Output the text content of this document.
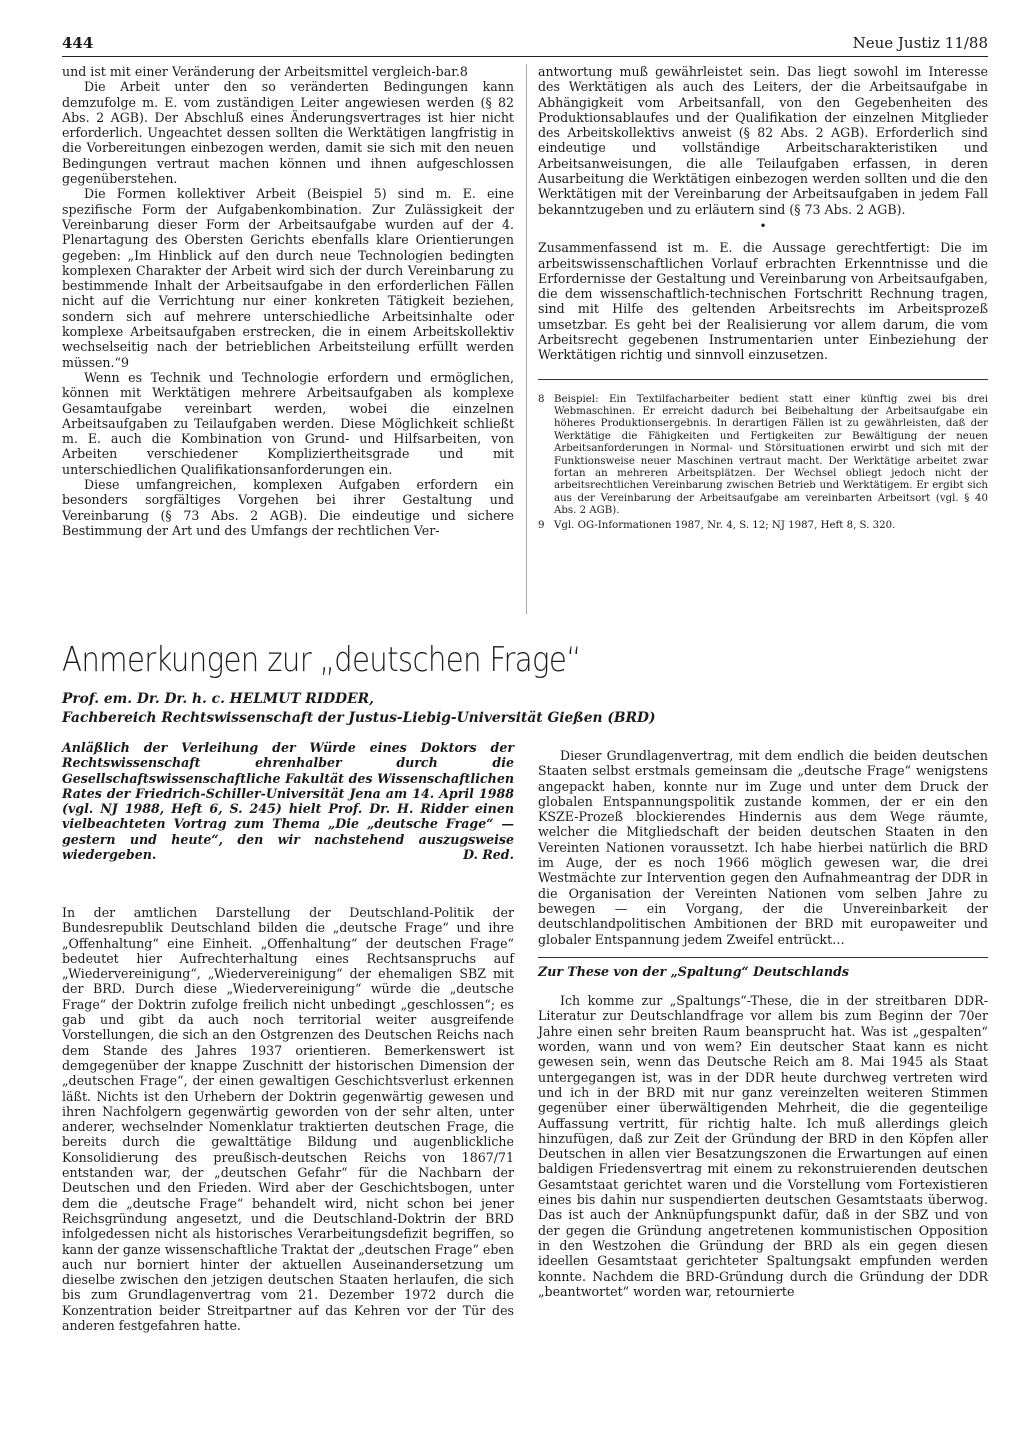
444	Neue Justiz 11/88

und ist mit einer Veränderung der Arbeitsmittel vergleich-bar.8

Die Arbeit unter den so veränderten Bedingungen kann demzufolge m. E. vom zuständigen Leiter angewiesen werden (§ 82 Abs. 2 AGB). Der Abschluß eines Änderungsvertrages ist hier nicht erforderlich. Ungeachtet dessen sollten die Werktätigen langfristig in die Vorbereitungen einbezogen werden, damit sie sich mit den neuen Bedingungen vertraut machen können und ihnen aufgeschlossen gegenüberstehen.

Die Formen kollektiver Arbeit (Beispiel 5) sind m. E. eine spezifische Form der Aufgabenkombination. Zur Zulässigkeit der Vereinbarung dieser Form der Arbeitsaufgabe wurden auf der 4. Plenartagung des Obersten Gerichts ebenfalls klare Orientierungen gegeben: „Im Hinblick auf den durch neue Technologien bedingten komplexen Charakter der Arbeit wird sich der durch Vereinbarung zu bestimmende Inhalt der Arbeitsaufgabe in den erforderlichen Fällen nicht auf die Verrichtung nur einer konkreten Tätigkeit beziehen, sondern sich auf mehrere unterschiedliche Arbeitsinhalte oder komplexe Arbeitsaufgaben erstrecken, die in einem Arbeitskollektiv wechselseitig nach der betrieblichen Arbeitsteilung erfüllt werden müssen.“9

Wenn es Technik und Technologie erfordern und ermöglichen, können mit Werktätigen mehrere Arbeitsaufgaben als komplexe Gesamtaufgabe vereinbart werden, wobei die einzelnen Arbeitsaufgaben zu Teilaufgaben werden. Diese Möglichkeit schließt m. E. auch die Kombination von Grund- und Hilfsarbeiten, von Arbeiten verschiedener Kompliziertheitsgrade und mit unterschiedlichen Qualifikationsanforderungen ein.

Diese umfangreichen, komplexen Aufgaben erfordern ein besonders sorgfältiges Vorgehen bei ihrer Gestaltung und Vereinbarung (§ 73 Abs. 2 AGB). Die eindeutige und sichere Bestimmung der Art und des Umfangs der rechtlichen Ver-

antwortung muß gewährleistet sein. Das liegt sowohl im Interesse des Werktätigen als auch des Leiters, der die Arbeitsaufgabe in Abhängigkeit vom Arbeitsanfall, von den Gegebenheiten des Produktionsablaufes und der Qualifikation der einzelnen Mitglieder des Arbeitskollektivs anweist (§ 82 Abs. 2 AGB). Erforderlich sind eindeutige und vollständige Arbeitscharakteristiken und Arbeitsanweisungen, die alle Teilaufgaben erfassen, in deren Ausarbeitung die Werktätigen einbezogen werden sollten und die den Werktätigen mit der Vereinbarung der Arbeitsaufgaben in jedem Fall bekanntzugeben und zu erläutern sind (§ 73 Abs. 2 AGB).

•

Zusammenfassend ist m. E. die Aussage gerechtfertigt: Die im arbeitswissenschaftlichen Vorlauf erbrachten Erkenntnisse und die Erfordernisse der Gestaltung und Vereinbarung von Arbeitsaufgaben, die dem wissenschaftlich-technischen Fortschritt Rechnung tragen, sind mit Hilfe des geltenden Arbeitsrechts im Arbeitsprozeß umsetzbar. Es geht bei der Realisierung vor allem darum, die vom Arbeitsrecht gegebenen Instrumentarien unter Einbeziehung der Werktätigen richtig und sinnvoll einzusetzen.

8 Beispiel: Ein Textilfacharbeiter bedient statt einer künftig zwei bis drei Webmaschinen. Er erreicht dadurch bei Beibehaltung der Arbeitsaufgabe ein höheres Produktionsergebnis. In derartigen Fällen ist zu gewährleisten, daß der Werktätige die Fähigkeiten und Fertigkeiten zur Bewältigung der neuen Arbeitsanforderungen in Normal- und Störsituationen erwirbt und sich mit der Funktionsweise neuer Maschinen vertraut macht. Der Werktätige arbeitet zwar fortan an mehreren Arbeitsplätzen. Der Wechsel obliegt jedoch nicht der arbeitsrechtlichen Vereinbarung zwischen Betrieb und Werktätigem. Er ergibt sich aus der Vereinbarung der Arbeitsaufgabe am vereinbarten Arbeitsort (vgl. § 40 Abs. 2 AGB).
9 Vgl. OG-Informationen 1987, Nr. 4, S. 12; NJ 1987, Heft 8, S. 320.
Anmerkungen zur „deutschen Frage“
Prof. em. Dr. Dr. h. c. HELMUT RIDDER,
Fachbereich Rechtswissenschaft der Justus-Liebig-Universität Gießen (BRD)
Anläßlich der Verleihung der Würde eines Doktors der Rechtswissenschaft ehrenhalber durch die Gesellschaftswissenschaftliche Fakultät des Wissenschaftlichen Rates der Friedrich-Schiller-Universität Jena am 14. April 1988 (vgl. NJ 1988, Heft 6, S. 245) hielt Prof. Dr. H. Ridder einen vielbeachteten Vortrag zum Thema „Die „deutsche Frage“ — gestern und heute“, den wir nachstehend auszugsweise wiedergeben.	D. Red.

In der amtlichen Darstellung der Deutschland-Politik der Bundesrepublik Deutschland bilden die „deutsche Frage“ und ihre „Offenhaltung“ eine Einheit. „Offenhaltung“ der deutschen Frage“ bedeutet hier Aufrechterhaltung eines Rechtsanspruchs auf „Wiedervereinigung“, „Wiedervereinigung“ der ehemaligen SBZ mit der BRD. Durch diese „Wiedervereinigung“ würde die „deutsche Frage“ der Doktrin zufolge freilich nicht unbedingt „geschlossen“; es gab und gibt da auch noch territorial weiter ausgreifende Vorstellungen, die sich an den Ostgrenzen des Deutschen Reichs nach dem Stande des Jahres 1937 orientieren. Bemerkenswert ist demgegenüber der knappe Zuschnitt der historischen Dimension der „deutschen Frage“, der einen gewaltigen Geschichtsverlust erkennen läßt. Nichts ist den Urhebern der Doktrin gegenwärtig gewesen und ihren Nachfolgern gegenwärtig geworden von der sehr alten, unter anderer, wechselnder Nomenklatur traktierten deutschen Frage, die bereits durch die gewalttätige Bildung und augenblickliche Konsolidierung des preußisch-deutschen Reichs von 1867/71 entstanden war, der „deutschen Gefahr“ für die Nachbarn der Deutschen und den Frieden. Wird aber der Geschichtsbogen, unter dem die „deutsche Frage“ behandelt wird, nicht schon bei jener Reichsgründung angesetzt, und die Deutschland-Doktrin der BRD infolgedessen nicht als historisches Verarbeitungsdefizit begriffen, so kann der ganze wissenschaftliche Traktat der „deutschen Frage“ eben auch nur borniert hinter der aktuellen Auseinandersetzung um dieselbe zwischen den jetzigen deutschen Staaten herlaufen, die sich bis zum Grundlagenvertrag vom 21. Dezember 1972 durch die Konzentration beider Streitpartner auf das Kehren vor der Tür des anderen festgefahren hatte.

Dieser Grundlagenvertrag, mit dem endlich die beiden deutschen Staaten selbst erstmals gemeinsam die „deutsche Frage“ wenigstens angepackt haben, konnte nur im Zuge und unter dem Druck der globalen Entspannungspolitik zustande kommen, der er ein den KSZE-Prozeß blockierendes Hindernis aus dem Wege räumte, welcher die Mitgliedschaft der beiden deutschen Staaten in den Vereinten Nationen voraussetzt. Ich habe hierbei natürlich die BRD im Auge, der es noch 1966 möglich gewesen war, die drei Westmächte zur Intervention gegen den Aufnahmeantrag der DDR in die Organisation der Vereinten Nationen vom selben Jahre zu bewegen — ein Vorgang, der die Unvereinbarkeit der deutschlandpolitischen Ambitionen der BRD mit europaweiter und globaler Entspannung jedem Zweifel entrückt…

Zur These von der „Spaltung“ Deutschlands

Ich komme zur „Spaltungs“-These, die in der streitbaren DDR-Literatur zur Deutschlandfrage vor allem bis zum Beginn der 70er Jahre einen sehr breiten Raum beansprucht hat. Was ist „gespalten“ worden, wann und von wem? Ein deutscher Staat kann es nicht gewesen sein, wenn das Deutsche Reich am 8. Mai 1945 als Staat untergegangen ist, was in der DDR heute durchweg vertreten wird und ich in der BRD mit nur ganz vereinzelten weiteren Stimmen gegenüber einer überwältigenden Mehrheit, die die gegenteilige Auffassung vertritt, für richtig halte. Ich muß allerdings gleich hinzufügen, daß zur Zeit der Gründung der BRD in den Köpfen aller Deutschen in allen vier Besatzungszonen die Erwartungen auf einen baldigen Friedensvertrag mit einem zu rekonstruierenden deutschen Gesamtstaat gerichtet waren und die Vorstellung vom Fortexistieren eines bis dahin nur suspendierten deutschen Gesamtstaats überwog. Das ist auch der Anknüpfungspunkt dafür, daß in der SBZ und von der gegen die Gründung angetretenen kommunistischen Opposition in den Westzohen die Gründung der BRD als ein gegen diesen ideellen Gesamtstaat gerichteter Spaltungsakt empfunden werden konnte. Nachdem die BRD-Gründung durch die Gründung der DDR „beantwortet“ worden war, retournierte
